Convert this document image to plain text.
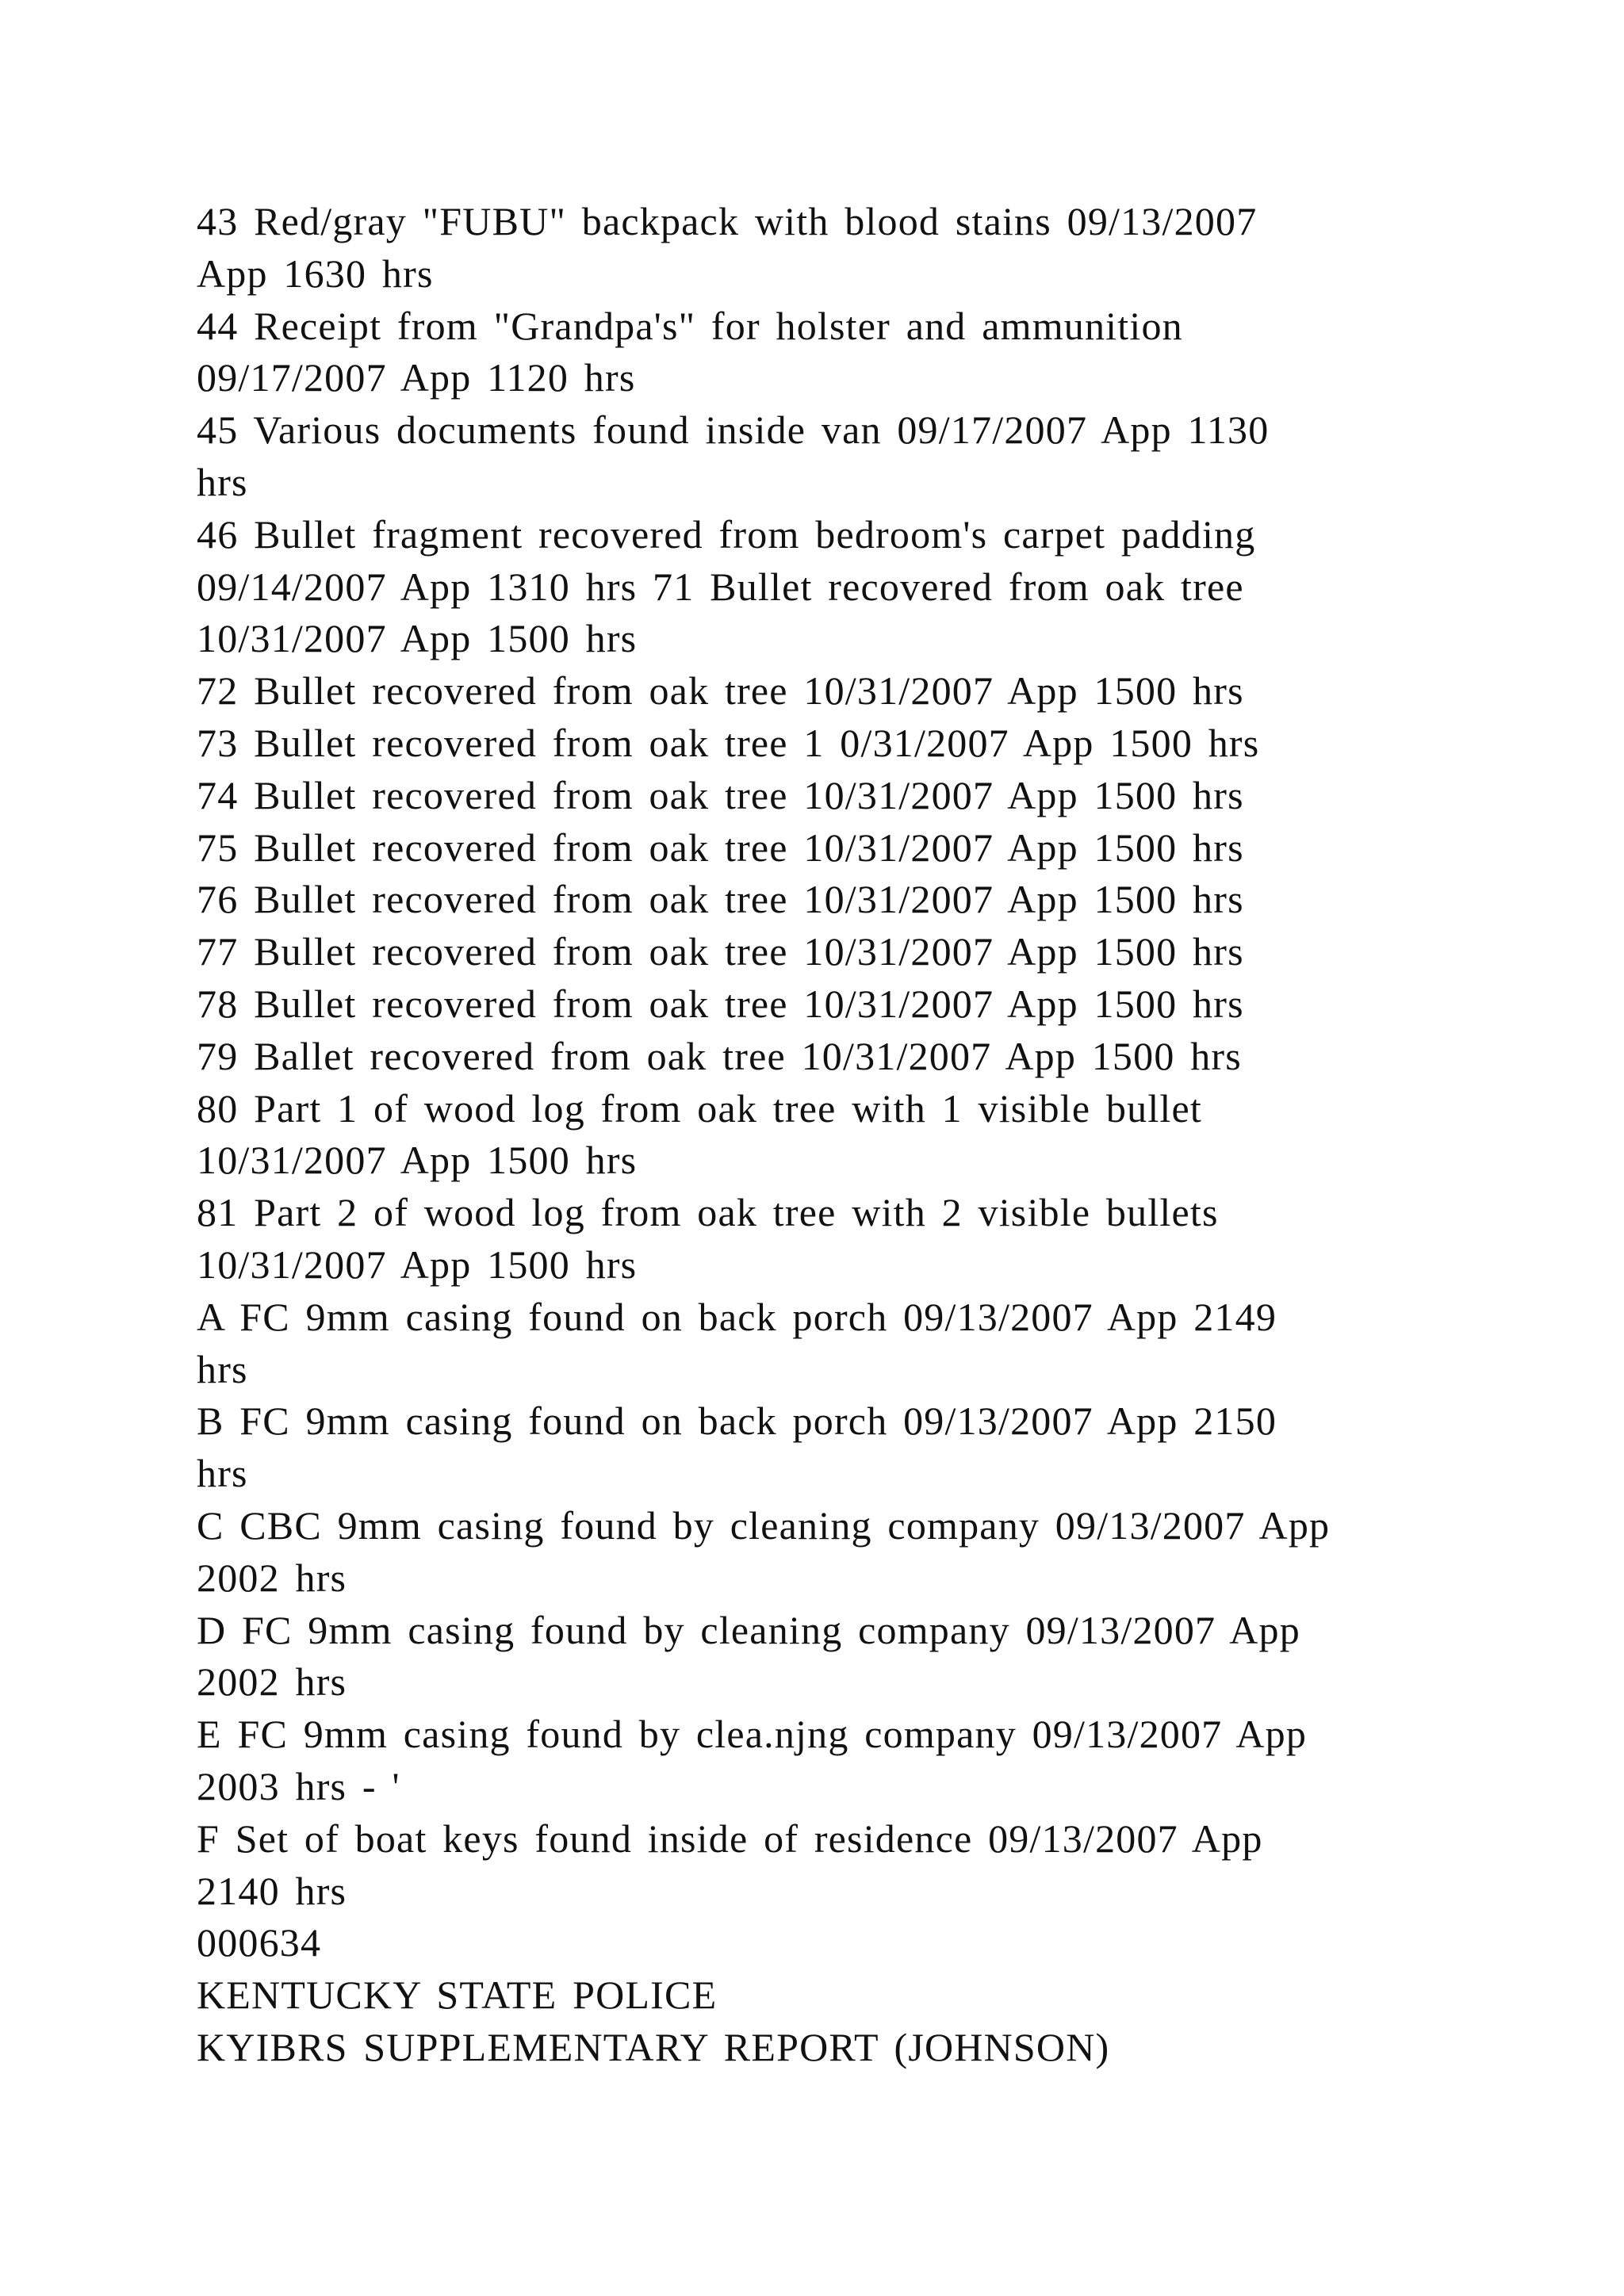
43 Red/gray "FUBU" backpack with blood stains 09/13/2007
App 1630 hrs
44 Receipt from "Grandpa's" for holster and ammunition
09/17/2007 App 1120 hrs
45 Various documents found inside van 09/17/2007 App 1130
hrs
46 Bullet fragment recovered from bedroom's carpet padding
09/14/2007 App 1310 hrs 71 Bullet recovered from oak tree
10/31/2007 App 1500 hrs
72 Bullet recovered from oak tree 10/31/2007 App 1500 hrs
73 Bullet recovered from oak tree 1 0/31/2007 App 1500 hrs
74 Bullet recovered from oak tree 10/31/2007 App 1500 hrs
75 Bullet recovered from oak tree 10/31/2007 App 1500 hrs
76 Bullet recovered from oak tree 10/31/2007 App 1500 hrs
77 Bullet recovered from oak tree 10/31/2007 App 1500 hrs
78 Bullet recovered from oak tree 10/31/2007 App 1500 hrs
79 Ballet recovered from oak tree 10/31/2007 App 1500 hrs
80 Part 1 of wood log from oak tree with 1 visible bullet
10/31/2007 App 1500 hrs
81 Part 2 of wood log from oak tree with 2 visible bullets
10/31/2007 App 1500 hrs
A FC 9mm casing found on back porch 09/13/2007 App 2149
hrs
B FC 9mm casing found on back porch 09/13/2007 App 2150
hrs
C CBC 9mm casing found by cleaning company 09/13/2007 App
2002 hrs
D FC 9mm casing found by cleaning company 09/13/2007 App
2002 hrs
E FC 9mm casing found by clea.njng company 09/13/2007 App
2003 hrs - '
F Set of boat keys found inside of residence 09/13/2007 App
2140 hrs
000634
KENTUCKY STATE POLICE
KYIBRS SUPPLEMENTARY REPORT (JOHNSON)
